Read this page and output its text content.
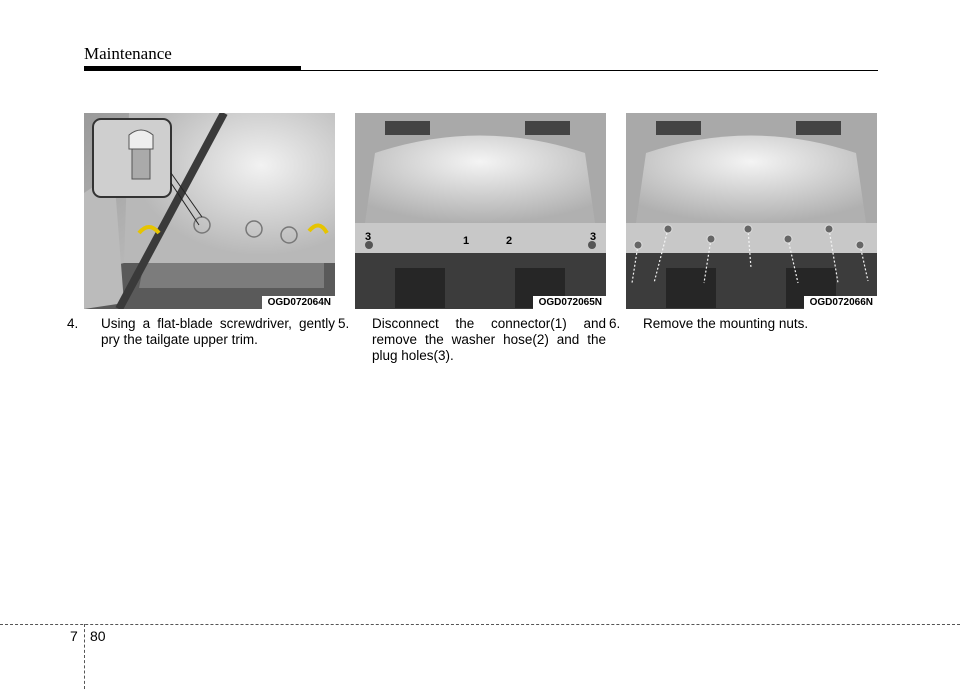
Maintenance
OGD072064N
3	1	2	3
OGD072065N	OGD072066N
4. Using a flat-blade screwdriver, gently pry the tailgate upper trim.
5. Disconnect the connector(1) and remove the washer hose(2) and the plug holes(3).
6. Remove the mounting nuts.
7 80
